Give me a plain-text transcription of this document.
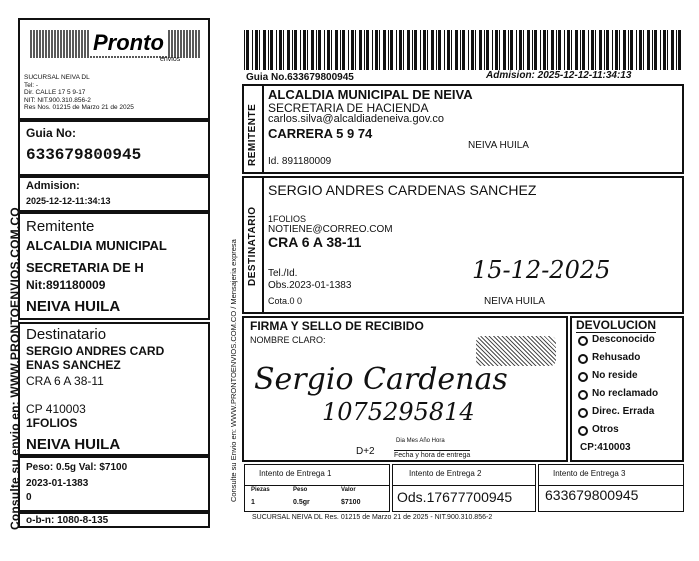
Consulte su envio en: WWW.PRONTOENVIOS.COM.CO
Pronto
envios
SUCURSAL NEIVA DL
Tel: -
Dir. CALLE 17 5 9-17
NIT: NIT.900.310.856-2
Res Nos. 01215 de Marzo 21 de 2025
Guia No:
633679800945
Admision:
2025-12-12-11:34:13
Remitente
ALCALDIA MUNICIPAL
SECRETARIA DE H
Nit:891180009
NEIVA HUILA
Destinatario
SERGIO ANDRES CARD
ENAS SANCHEZ
CRA 6 A 38-11
CP 410003
1FOLIOS
NEIVA HUILA
Peso: 0.5g Val: $7100
2023-01-1383
0
o-b-n: 1080-8-135
Guia No.633679800945	Admision: 2025-12-12-11:34:13
Consulte su Envio en: WWW.PRONTOENVIOS.COM.CO / Mensajeria expresa
REMITENTE
ALCALDIA MUNICIPAL DE NEIVA
SECRETARIA DE HACIENDA
carlos.silva@alcaldiadeneiva.gov.co
CARRERA 5 9 74
NEIVA HUILA
Id. 891180009
DESTINATARIO
SERGIO ANDRES CARDENAS SANCHEZ
1FOLIOS
NOTIENE@CORREO.COM
CRA 6 A 38-11
Tel./Id.
Obs.2023-01-1383
Cota.0 0
15-12-2025
NEIVA HUILA
FIRMA Y SELLO DE RECIBIDO
NOMBRE CLARO:
Sergio Cardenas
1075295814
D+2
Dia Mes Año Hora
Fecha y hora de entrega
DEVOLUCION
Desconocido
Rehusado
No reside
No reclamado
Direc. Errada
Otros
CP:410003
Intento de Entrega 1
Piezas	Peso	Valor
1	0.5gr	$7100
Intento de Entrega 2
Ods.17677700945
Intento de Entrega 3
633679800945
SUCURSAL NEIVA DL Res. 01215 de Marzo 21 de 2025 - NIT.900.310.856-2
